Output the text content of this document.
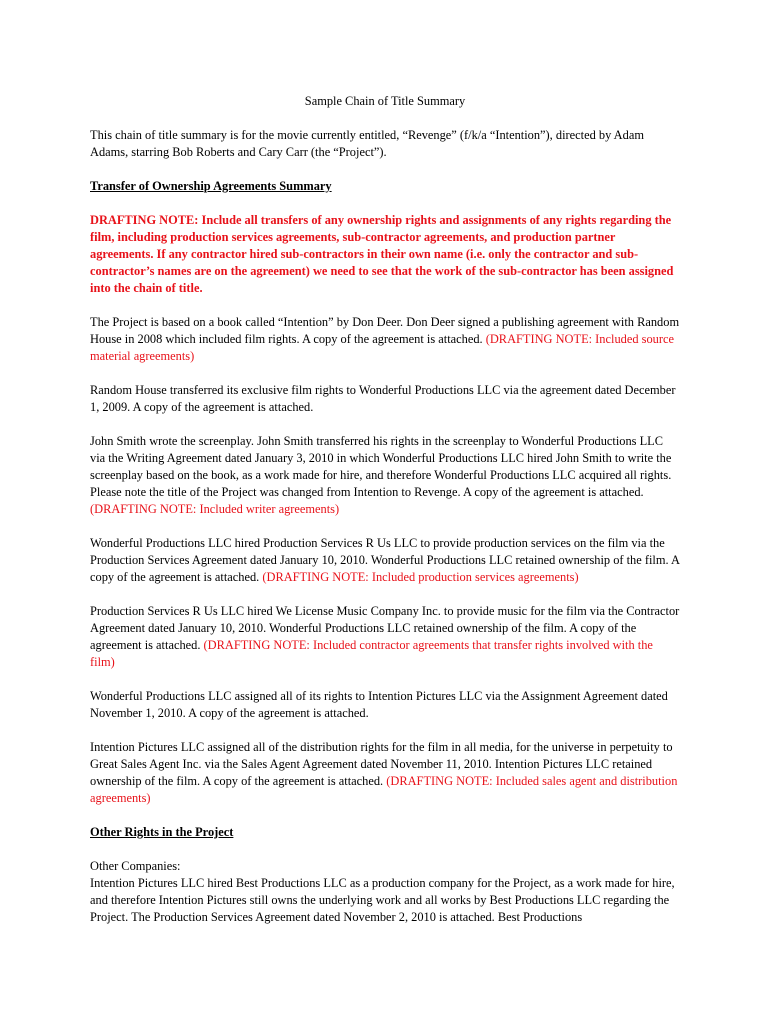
Sample Chain of Title Summary

This chain of title summary is for the movie currently entitled, “Revenge” (f/k/a “Intention”), directed by Adam Adams, starring Bob Roberts and Cary Carr (the “Project”).

Transfer of Ownership Agreements Summary

DRAFTING NOTE: Include all transfers of any ownership rights and assignments of any rights regarding the film, including production services agreements, sub-contractor agreements, and production partner agreements. If any contractor hired sub-contractors in their own name (i.e. only the contractor and sub-contractor’s names are on the agreement) we need to see that the work of the sub-contractor has been assigned into the chain of title.

The Project is based on a book called “Intention” by Don Deer. Don Deer signed a publishing agreement with Random House in 2008 which included film rights. A copy of the agreement is attached. (DRAFTING NOTE: Included source material agreements)

Random House transferred its exclusive film rights to Wonderful Productions LLC via the agreement dated December 1, 2009. A copy of the agreement is attached.

John Smith wrote the screenplay. John Smith transferred his rights in the screenplay to Wonderful Productions LLC via the Writing Agreement dated January 3, 2010 in which Wonderful Productions LLC hired John Smith to write the screenplay based on the book, as a work made for hire, and therefore Wonderful Productions LLC acquired all rights. Please note the title of the Project was changed from Intention to Revenge. A copy of the agreement is attached. (DRAFTING NOTE: Included writer agreements)

Wonderful Productions LLC hired Production Services R Us LLC to provide production services on the film via the Production Services Agreement dated January 10, 2010. Wonderful Productions LLC retained ownership of the film. A copy of the agreement is attached. (DRAFTING NOTE: Included production services agreements)

Production Services R Us LLC hired We License Music Company Inc. to provide music for the film via the Contractor Agreement dated January 10, 2010. Wonderful Productions LLC retained ownership of the film. A copy of the agreement is attached. (DRAFTING NOTE: Included contractor agreements that transfer rights involved with the film)

Wonderful Productions LLC assigned all of its rights to Intention Pictures LLC via the Assignment Agreement dated November 1, 2010. A copy of the agreement is attached.

Intention Pictures LLC assigned all of the distribution rights for the film in all media, for the universe in perpetuity to Great Sales Agent Inc. via the Sales Agent Agreement dated November 11, 2010. Intention Pictures LLC retained ownership of the film. A copy of the agreement is attached. (DRAFTING NOTE: Included sales agent and distribution agreements)

Other Rights in the Project

Other Companies:
Intention Pictures LLC hired Best Productions LLC as a production company for the Project, as a work made for hire, and therefore Intention Pictures still owns the underlying work and all works by Best Productions LLC regarding the Project. The Production Services Agreement dated November 2, 2010 is attached. Best Productions
